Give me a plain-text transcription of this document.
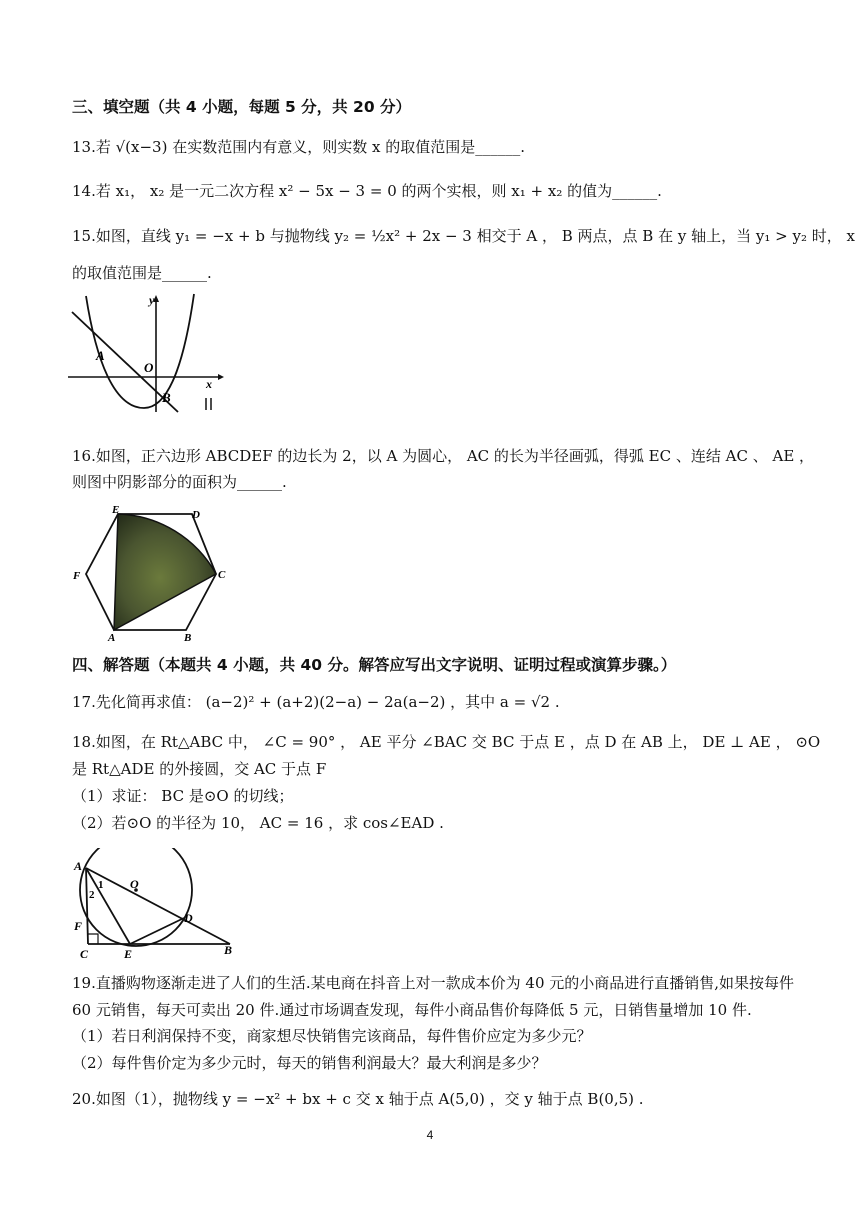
三、填空题（共 4 小题，每题 5 分，共 20 分）
13.若 √(x−3) 在实数范围内有意义，则实数 x 的取值范围是______.
14.若 x₁， x₂ 是一元二次方程 x² − 5x − 3 = 0 的两个实根，则 x₁ + x₂ 的值为______.
15.如图，直线 y₁ = −x + b 与抛物线 y₂ = ½x² + 2x − 3 相交于 A ， B 两点，点 B 在 y 轴上，当 y₁ > y₂ 时， x
的取值范围是______.
y
A
O
x
B
16.如图，正六边形 ABCDEF 的边长为 2，以 A 为圆心， AC 的长为半径画弧，得弧 EC 、连结 AC 、 AE ，
则图中阴影部分的面积为______.
E	D
F	C
A	B
四、解答题（本题共 4 小题，共 40 分。解答应写出文字说明、证明过程或演算步骤。）
17.先化简再求值： (a−2)² + (a+2)(2−a) − 2a(a−2) ，其中 a = √2 .
18.如图，在 Rt△ABC 中， ∠C = 90° ， AE 平分 ∠BAC 交 BC 于点 E ，点 D 在 AB 上， DE ⊥ AE ， ⊙O
是 Rt△ADE 的外接圆，交 AC 于点 F
（1）求证： BC 是⊙O 的切线；
（2）若⊙O 的半径为 10， AC = 16 ，求 cos∠EAD .
A
1
2
O
D
F
C	E	B
19.直播购物逐渐走进了人们的生活.某电商在抖音上对一款成本价为 40 元的小商品进行直播销售,如果按每件
60 元销售，每天可卖出 20 件.通过市场调查发现，每件小商品售价每降低 5 元，日销售量增加 10 件.
（1）若日利润保持不变，商家想尽快销售完该商品，每件售价应定为多少元？
（2）每件售价定为多少元时，每天的销售利润最大？最大利润是多少？
20.如图（1），抛物线 y = −x² + bx + c 交 x 轴于点 A(5,0) ，交 y 轴于点 B(0,5) .
4
